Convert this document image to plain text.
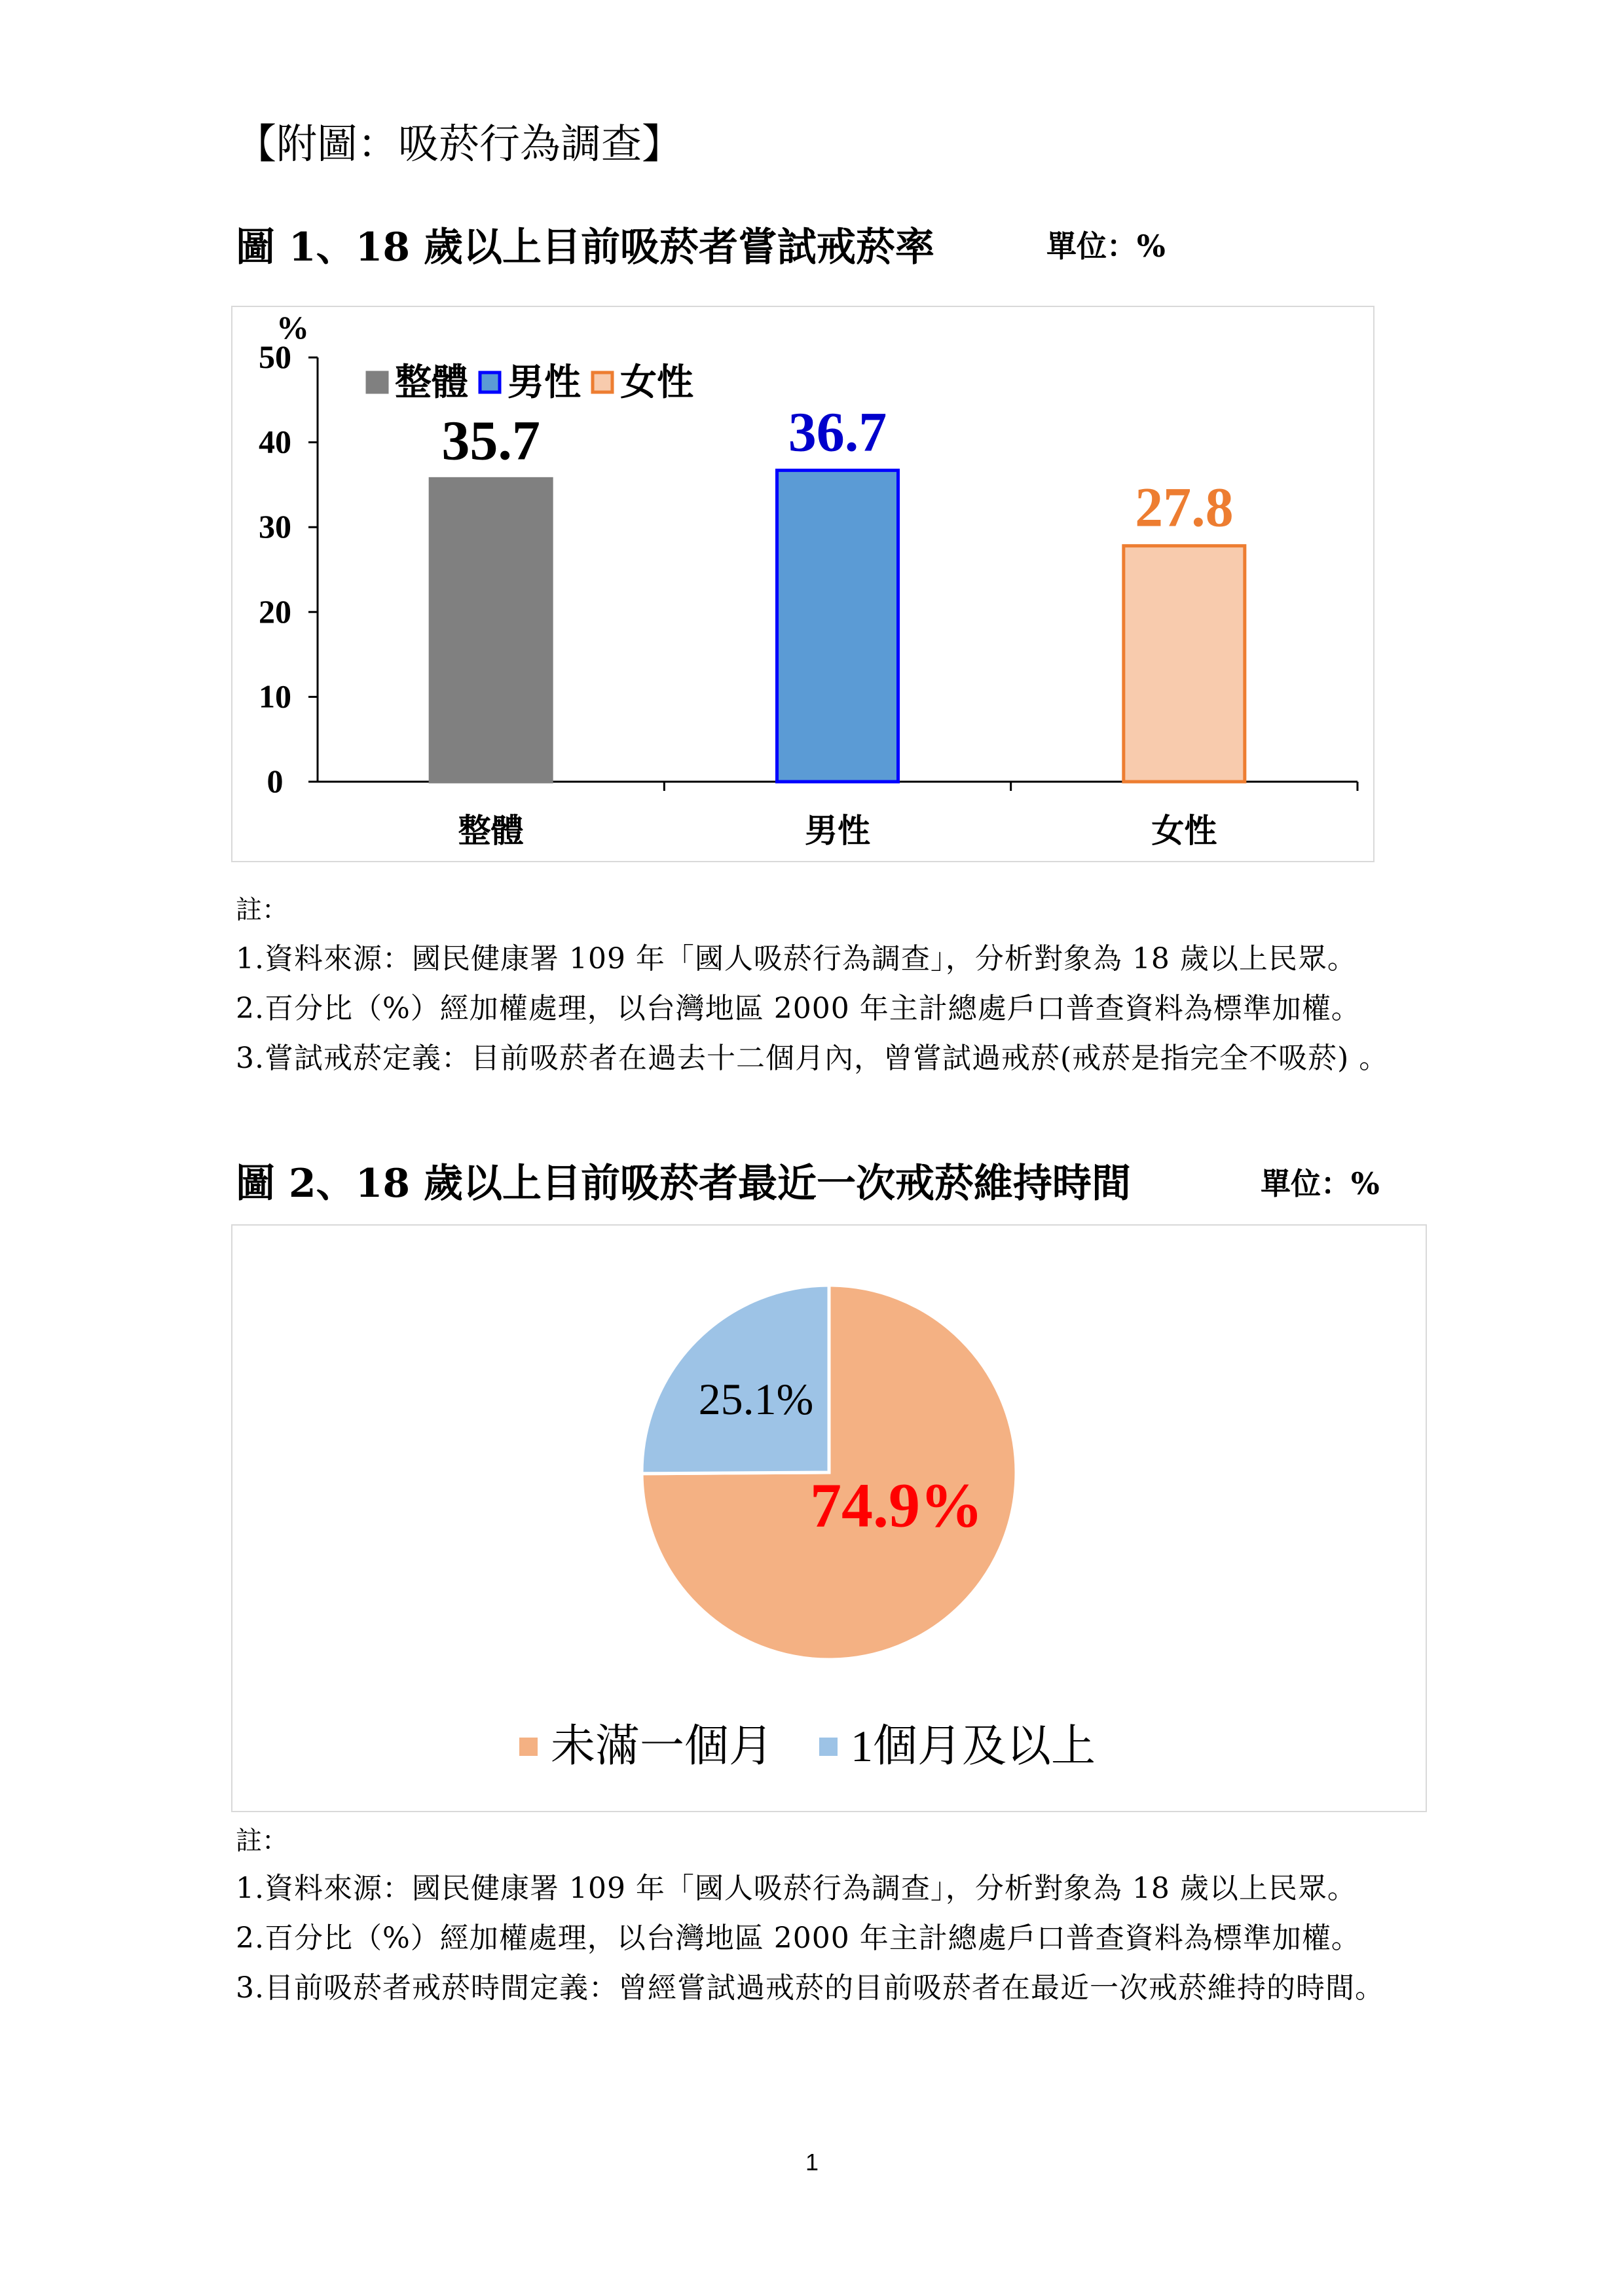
【附圖：吸菸行為調查】
圖 1、18 歲以上目前吸菸者嘗試戒菸率	單位：%
0
10
20
30
40
50
%
整體	男性	女性
35.7	36.7
27.8
整體 男性 女性
註：
1.資料來源：國民健康署 109 年「國人吸菸行為調查」，分析對象為 18 歲以上民眾。
2.百分比（%）經加權處理，以台灣地區 2000 年主計總處戶口普查資料為標準加權。
3.嘗試戒菸定義：目前吸菸者在過去十二個月內，曾嘗試過戒菸(戒菸是指完全不吸菸) 。
圖 2、18 歲以上目前吸菸者最近一次戒菸維持時間	單位：%
74.9%
25.1%
未滿一個月 1個月及以上
註：
1.資料來源：國民健康署 109 年「國人吸菸行為調查」，分析對象為 18 歲以上民眾。
2.百分比（%）經加權處理，以台灣地區 2000 年主計總處戶口普查資料為標準加權。
3.目前吸菸者戒菸時間定義：曾經嘗試過戒菸的目前吸菸者在最近一次戒菸維持的時間。
1
